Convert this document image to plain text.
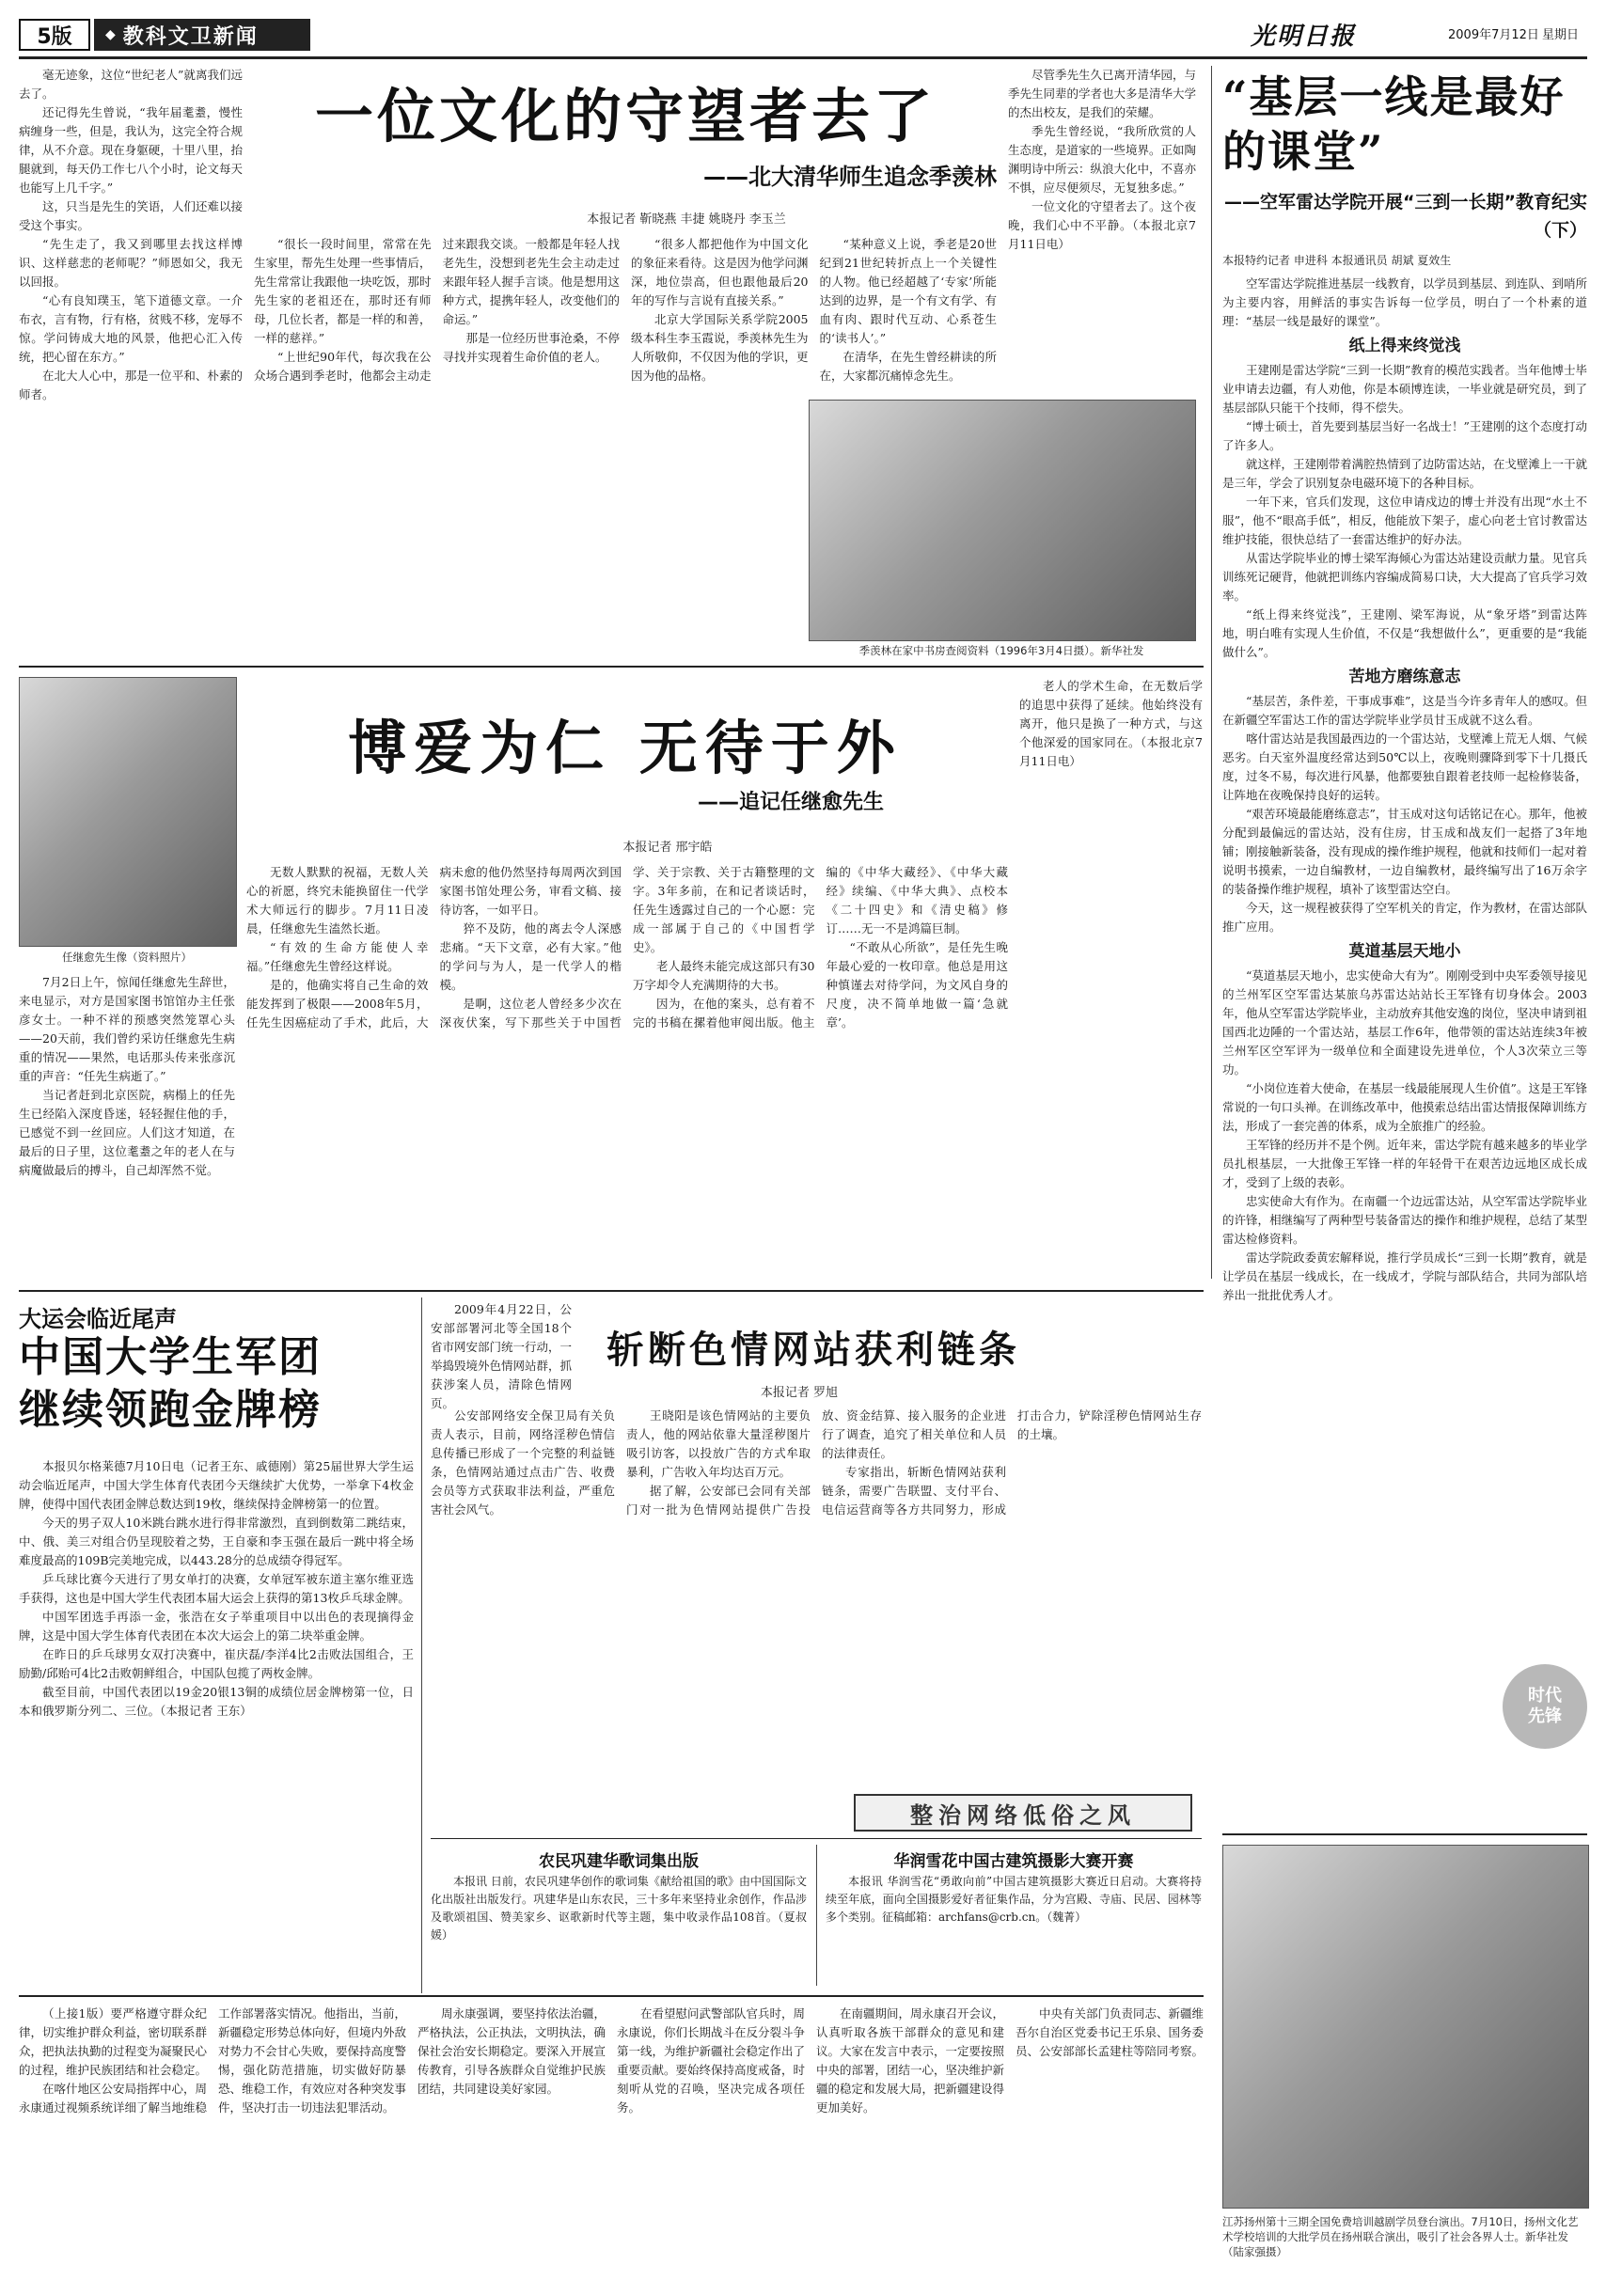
5版	◆ 教科文卫新闻	光明日报	2009年7月12日 星期日

毫无迹象，这位“世纪老人”就离我们远去了。

还记得先生曾说，“我年届耄耋，慢性病缠身一些，但是，我认为，这完全符合规律，从不介意。现在身躯硬，十里八里，抬腿就到，每天仍工作七八个小时，论文每天也能写上几千字。”

这，只当是先生的笑语，人们还难以接受这个事实。

“先生走了，我又到哪里去找这样博识、这样慈悲的老师呢？”师恩如父，我无以回报。

“心有良知璞玉，笔下道德文章。一介布衣，言有物，行有格，贫贱不移，宠辱不惊。学问铸成大地的风景，他把心汇入传统，把心留在东方。”

在北大人心中，那是一位平和、朴素的师者。

一位文化的守望者去了
——北大清华师生追念季羡林
本报记者 靳晓燕 丰捷 姚晓丹 李玉兰

“很长一段时间里，常常在先生家里，帮先生处理一些事情后，先生常常让我跟他一块吃饭，那时先生家的老祖还在，那时还有师母，几位长者，都是一样的和善，一样的慈祥。”

“上世纪90年代，每次我在公众场合遇到季老时，他都会主动走过来跟我交谈。一般都是年轻人找老先生，没想到老先生会主动走过来跟年轻人握手言谈。他是想用这种方式，提携年轻人，改变他们的命运。”

那是一位经历世事沧桑，不停寻找并实现着生命价值的老人。

“很多人都把他作为中国文化的象征来看待。这是因为他学问渊深，地位崇高，但也跟他最后20年的写作与言说有直接关系。”

北京大学国际关系学院2005级本科生李玉霞说，季羡林先生为人所敬仰，不仅因为他的学识，更因为他的品格。

“某种意义上说，季老是20世纪到21世纪转折点上一个关键性的人物。他已经超越了‘专家’所能达到的边界，是一个有文有学、有血有肉、跟时代互动、心系苍生的‘读书人’。”

在清华，在先生曾经耕读的所在，大家都沉痛悼念先生。

尽管季先生久已离开清华园，与季先生同辈的学者也大多是清华大学的杰出校友，是我们的荣耀。

季先生曾经说，“我所欣赏的人生态度，是道家的一些境界。正如陶渊明诗中所云：纵浪大化中，不喜亦不惧，应尽便须尽，无复独多虑。”

一位文化的守望者去了。这个夜晚，我们心中不平静。（本报北京7月11日电）

季羡林在家中书房查阅资料（1996年3月4日摄）。新华社发
任继愈先生像（资料照片）
博爱为仁 无待于外
——追记任继愈先生
本报记者 邢宇皓

7月2日上午，惊闻任继愈先生辞世，来电显示，对方是国家图书馆馆办主任张彦女士。一种不祥的预感突然笼罩心头——20天前，我们曾约采访任继愈先生病重的情况——果然，电话那头传来张彦沉重的声音：“任先生病逝了。”

当记者赶到北京医院，病榻上的任先生已经陷入深度昏迷，轻轻握住他的手，已感觉不到一丝回应。人们这才知道，在最后的日子里，这位耄耋之年的老人在与病魔做最后的搏斗，自己却浑然不觉。

无数人默默的祝福，无数人关心的祈愿，终究未能换留住一代学术大师远行的脚步。7月11日凌晨，任继愈先生溘然长逝。

“有效的生命方能使人幸福。”任继愈先生曾经这样说。

是的，他确实将自己生命的效能发挥到了极限——2008年5月，任先生因癌症动了手术，此后，大病未愈的他仍然坚持每周两次到国家图书馆处理公务，审看文稿、接待访客，一如平日。

猝不及防，他的离去令人深感悲痛。“天下文章，必有大家。”他的学问与为人，是一代学人的楷模。

是啊，这位老人曾经多少次在深夜伏案，写下那些关于中国哲学、关于宗教、关于古籍整理的文字。3年多前，在和记者谈话时，任先生透露过自己的一个心愿：完成一部属于自己的《中国哲学史》。

老人最终未能完成这部只有30万字却令人充满期待的大书。

因为，在他的案头，总有着不完的书稿在摞着他审阅出版。他主编的《中华大藏经》、《中华大藏经》续编、《中华大典》、点校本《二十四史》和《清史稿》修订……无一不是鸿篇巨制。

“不敢从心所欲”，是任先生晚年最心爱的一枚印章。他总是用这种慎谨去对待学问，为文风自身的尺度，决不简单地做一篇‘急就章’。

老人的学术生命，在无数后学的追思中获得了延续。他始终没有离开，他只是换了一种方式，与这个他深爱的国家同在。（本报北京7月11日电）

“基层一线是最好的课堂”
——空军雷达学院开展“三到一长期”教育纪实（下）
本报特约记者 申进科 本报通讯员 胡斌 夏效生

空军雷达学院推进基层一线教育，以学员到基层、到连队、到哨所为主要内容，用鲜活的事实告诉每一位学员，明白了一个朴素的道理：“基层一线是最好的课堂”。

纸上得来终觉浅

王建刚是雷达学院“三到一长期”教育的模范实践者。当年他博士毕业申请去边疆，有人劝他，你是本硕博连读，一毕业就是研究员，到了基层部队只能干个技师，得不偿失。

“博士硕士，首先要到基层当好一名战士！”王建刚的这个态度打动了许多人。

就这样，王建刚带着满腔热情到了边防雷达站，在戈壁滩上一干就是三年，学会了识别复杂电磁环境下的各种目标。

一年下来，官兵们发现，这位申请戍边的博士并没有出现“水土不服”，他不“眼高手低”，相反，他能放下架子，虚心向老士官讨教雷达维护技能，很快总结了一套雷达维护的好办法。

从雷达学院毕业的博士梁军海倾心为雷达站建设贡献力量。见官兵训练死记硬背，他就把训练内容编成简易口诀，大大提高了官兵学习效率。

“纸上得来终觉浅”，王建刚、梁军海说，从“象牙塔”到雷达阵地，明白唯有实现人生价值，不仅是“我想做什么”，更重要的是“我能做什么”。

苦地方磨练意志

“基层苦，条件差，干事成事难”，这是当今许多青年人的感叹。但在新疆空军雷达工作的雷达学院毕业学员甘玉成就不这么看。

喀什雷达站是我国最西边的一个雷达站，戈壁滩上荒无人烟、气候恶劣。白天室外温度经常达到50℃以上，夜晚则骤降到零下十几摄氏度，过冬不易，每次进行风暴，他都要独自跟着老技师一起检修装备，让阵地在夜晚保持良好的运转。

“艰苦环境最能磨练意志”，甘玉成对这句话铭记在心。那年，他被分配到最偏远的雷达站，没有住房，甘玉成和战友们一起搭了3年地铺；刚接触新装备，没有现成的操作维护规程，他就和技师们一起对着说明书摸索，一边自编教材，一边自编教材，最终编写出了16万余字的装备操作维护规程，填补了该型雷达空白。

今天，这一规程被获得了空军机关的肯定，作为教材，在雷达部队推广应用。

莫道基层天地小

“莫道基层天地小，忠实使命大有为”。刚刚受到中央军委领导接见的兰州军区空军雷达某旅乌苏雷达站站长王军锋有切身体会。2003年，他从空军雷达学院毕业，主动放弃其他安逸的岗位，坚决申请到祖国西北边陲的一个雷达站，基层工作6年，他带领的雷达站连续3年被兰州军区空军评为一级单位和全面建设先进单位，个人3次荣立三等功。

“小岗位连着大使命，在基层一线最能展现人生价值”。这是王军锋常说的一句口头禅。在训练改革中，他摸索总结出雷达情报保障训练方法，形成了一套完善的体系，成为全旅推广的经验。

王军锋的经历并不是个例。近年来，雷达学院有越来越多的毕业学员扎根基层，一大批像王军锋一样的年轻骨干在艰苦边远地区成长成才，受到了上级的表彰。

忠实使命大有作为。在南疆一个边远雷达站，从空军雷达学院毕业的许锋，相继编写了两种型号装备雷达的操作和维护规程，总结了某型雷达检修资料。

雷达学院政委黄宏解释说，推行学员成长“三到一长期”教育，就是让学员在基层一线成长，在一线成才，学院与部队结合，共同为部队培养出一批批优秀人才。

时代先锋
江苏扬州第十三期全国免费培训越剧学员登台演出。7月10日，扬州文化艺术学校培训的大批学员在扬州联合演出，吸引了社会各界人士。新华社发（陆家强摄）
大运会临近尾声
中国大学生军团
继续领跑金牌榜

本报贝尔格莱德7月10日电（记者王东、戚德刚）第25届世界大学生运动会临近尾声，中国大学生体育代表团今天继续扩大优势，一举拿下4枚金牌，使得中国代表团金牌总数达到19枚，继续保持金牌榜第一的位置。

今天的男子双人10米跳台跳水进行得非常激烈，直到倒数第二跳结束，中、俄、美三对组合仍呈现胶着之势，王自豪和李玉强在最后一跳中将全场难度最高的109B完美地完成，以443.28分的总成绩夺得冠军。

乒乓球比赛今天进行了男女单打的决赛，女单冠军被东道主塞尔维亚选手获得，这也是中国大学生代表团本届大运会上获得的第13枚乒乓球金牌。

中国军团选手再添一金，张浩在女子举重项目中以出色的表现摘得金牌，这是中国大学生体育代表团在本次大运会上的第二块举重金牌。

在昨日的乒乓球男女双打决赛中，崔庆磊/李洋4比2击败法国组合，王励勤/邱贻可4比2击败朝鲜组合，中国队包揽了两枚金牌。

截至目前，中国代表团以19金20银13铜的成绩位居金牌榜第一位，日本和俄罗斯分列二、三位。（本报记者 王东）

2009年4月22日，公安部部署河北等全国18个省市网安部门统一行动，一举捣毁境外色情网站群，抓获涉案人员，清除色情网页。

斩断色情网站获利链条
本报记者 罗旭

公安部网络安全保卫局有关负责人表示，目前，网络淫秽色情信息传播已形成了一个完整的利益链条，色情网站通过点击广告、收费会员等方式获取非法利益，严重危害社会风气。

王晓阳是该色情网站的主要负责人，他的网站依靠大量淫秽图片吸引访客，以投放广告的方式牟取暴利，广告收入年均达百万元。

据了解，公安部已会同有关部门对一批为色情网站提供广告投放、资金结算、接入服务的企业进行了调查，追究了相关单位和人员的法律责任。

专家指出，斩断色情网站获利链条，需要广告联盟、支付平台、电信运营商等各方共同努力，形成打击合力，铲除淫秽色情网站生存的土壤。

整治网络低俗之风
农民巩建华歌词集出版
本报讯 日前，农民巩建华创作的歌词集《献给祖国的歌》由中国国际文化出版社出版发行。巩建华是山东农民，三十多年来坚持业余创作，作品涉及歌颂祖国、赞美家乡、讴歌新时代等主题，集中收录作品108首。（夏叔媛）
华润雪花中国古建筑摄影大赛开赛
本报讯 华润雪花“勇敢向前”中国古建筑摄影大赛近日启动。大赛将持续至年底，面向全国摄影爱好者征集作品，分为宫殿、寺庙、民居、园林等多个类别。征稿邮箱：archfans@crb.cn。（魏菁）

（上接1版）要严格遵守群众纪律，切实维护群众利益，密切联系群众，把执法执勤的过程变为凝聚民心的过程，维护民族团结和社会稳定。

在喀什地区公安局指挥中心，周永康通过视频系统详细了解当地维稳工作部署落实情况。他指出，当前，新疆稳定形势总体向好，但境内外敌对势力不会甘心失败，要保持高度警惕，强化防范措施，切实做好防暴恐、维稳工作，有效应对各种突发事件，坚决打击一切违法犯罪活动。

周永康强调，要坚持依法治疆，严格执法，公正执法，文明执法，确保社会治安长期稳定。要深入开展宣传教育，引导各族群众自觉维护民族团结，共同建设美好家园。

在看望慰问武警部队官兵时，周永康说，你们长期战斗在反分裂斗争第一线，为维护新疆社会稳定作出了重要贡献。要始终保持高度戒备，时刻听从党的召唤，坚决完成各项任务。

在南疆期间，周永康召开会议，认真听取各族干部群众的意见和建议。大家在发言中表示，一定要按照中央的部署，团结一心，坚决维护新疆的稳定和发展大局，把新疆建设得更加美好。

中央有关部门负责同志、新疆维吾尔自治区党委书记王乐泉、国务委员、公安部部长孟建柱等陪同考察。
